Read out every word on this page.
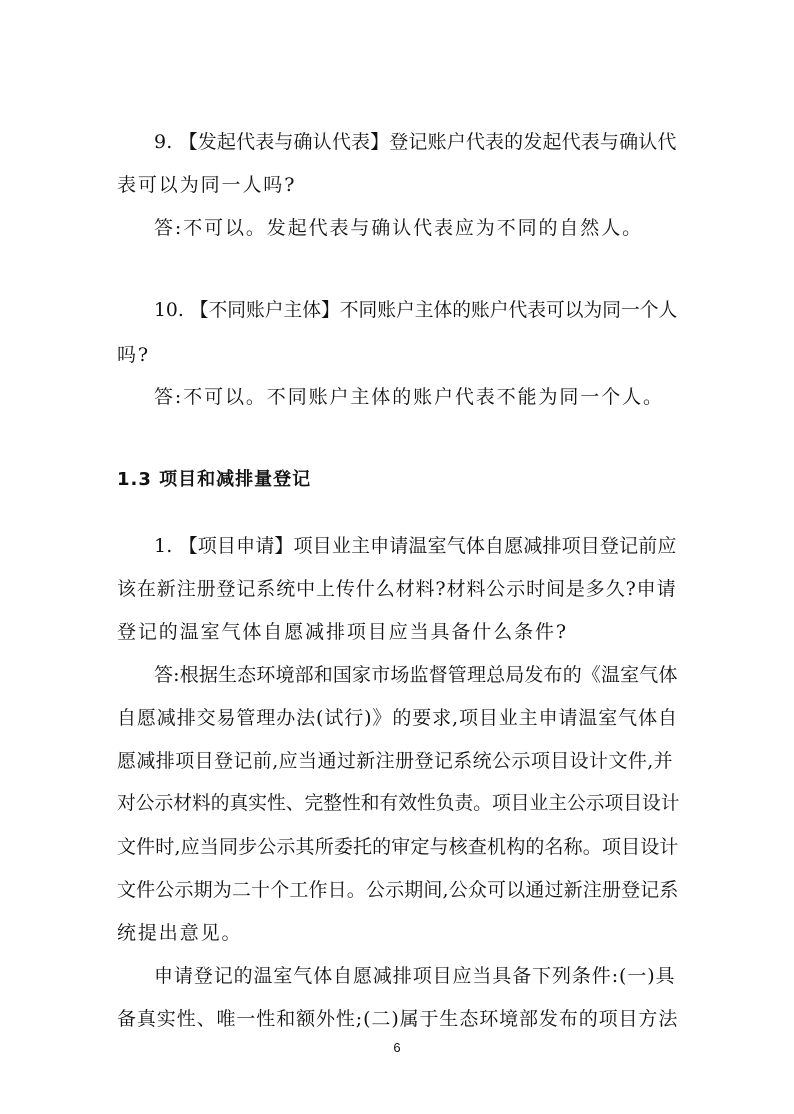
9. 【发起代表与确认代表】登记账户代表的发起代表与确认代
表可以为同一人吗?
答:不可以。发起代表与确认代表应为不同的自然人。
10. 【不同账户主体】不同账户主体的账户代表可以为同一个人
吗?
答:不可以。不同账户主体的账户代表不能为同一个人。
1.3 项目和减排量登记
1. 【项目申请】项目业主申请温室气体自愿减排项目登记前应
该在新注册登记系统中上传什么材料?材料公示时间是多久?申请
登记的温室气体自愿减排项目应当具备什么条件?
答:根据生态环境部和国家市场监督管理总局发布的《温室气体
自愿减排交易管理办法(试行)》的要求,项目业主申请温室气体自
愿减排项目登记前,应当通过新注册登记系统公示项目设计文件,并
对公示材料的真实性、完整性和有效性负责。项目业主公示项目设计
文件时,应当同步公示其所委托的审定与核查机构的名称。项目设计
文件公示期为二十个工作日。公示期间,公众可以通过新注册登记系
统提出意见。
申请登记的温室气体自愿减排项目应当具备下列条件:(一)具
备真实性、唯一性和额外性;(二)属于生态环境部发布的项目方法
6
